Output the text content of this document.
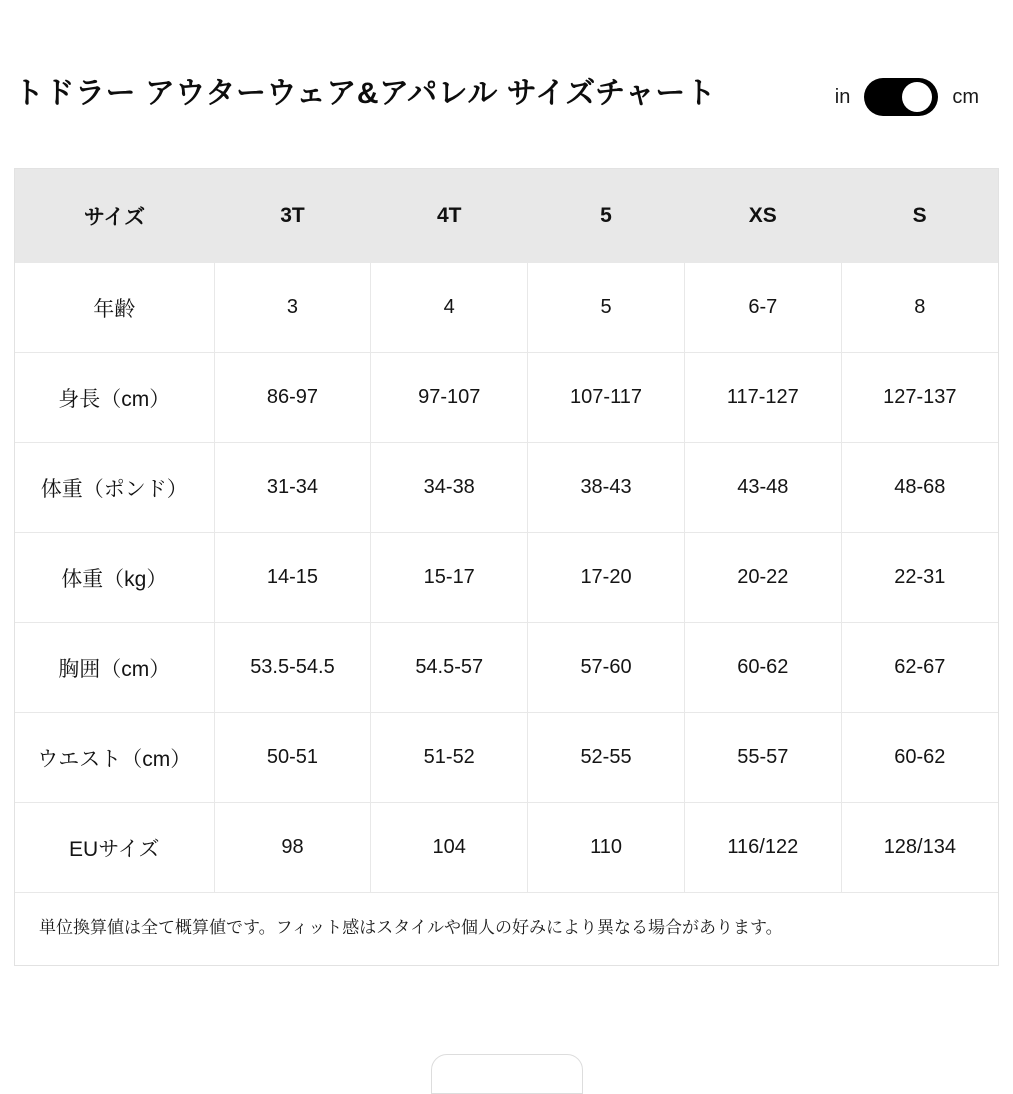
トドラー アウターウェア&アパレル サイズチャート	in	cm
サイズ	3T	4T	5	XS	S
年齢	3	4	5	6-7	8
身長（cm）	86-97	97-107	107-117	117-127	127-137
体重（ポンド）	31-34	34-38	38-43	43-48	48-68
体重（kg）	14-15	15-17	17-20	20-22	22-31
胸囲（cm）	53.5-54.5	54.5-57	57-60	60-62	62-67
ウエスト（cm）	50-51	51-52	52-55	55-57	60-62
EUサイズ	98	104	110	116/122	128/134
単位換算値は全て概算値です。フィット感はスタイルや個人の好みにより異なる場合があります。
